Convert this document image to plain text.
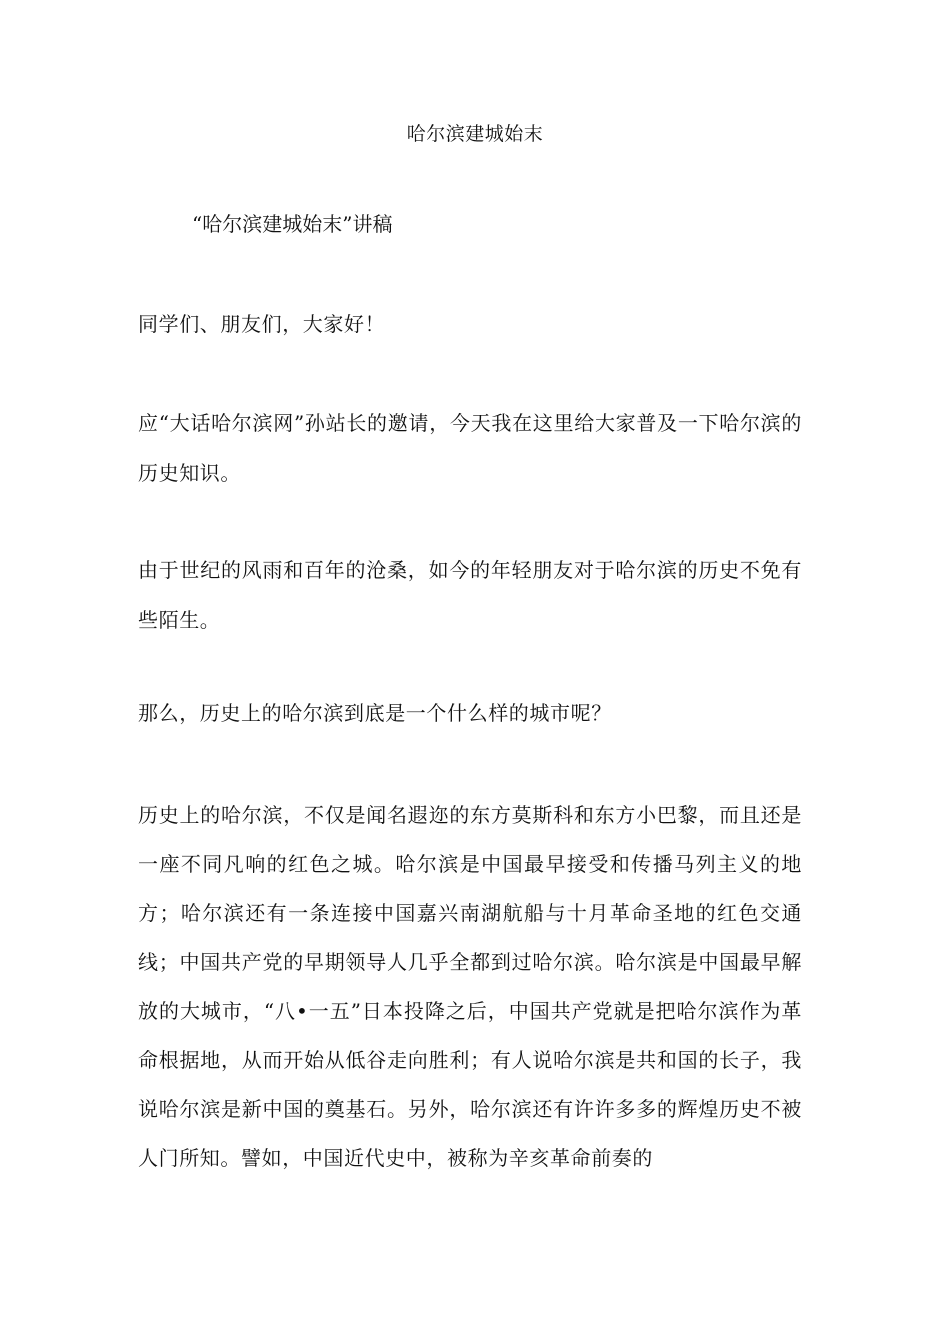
哈尔滨建城始末
“哈尔滨建城始末”讲稿

同学们、朋友们，大家好！

应“大话哈尔滨网”孙站长的邀请，今天我在这里给大家普及一下哈尔滨的历史知识。

由于世纪的风雨和百年的沧桑，如今的年轻朋友对于哈尔滨的历史不免有些陌生。

那么，历史上的哈尔滨到底是一个什么样的城市呢？

历史上的哈尔滨，不仅是闻名遐迩的东方莫斯科和东方小巴黎，而且还是一座不同凡响的红色之城。哈尔滨是中国最早接受和传播马列主义的地方；哈尔滨还有一条连接中国嘉兴南湖航船与十月革命圣地的红色交通线；中国共产党的早期领导人几乎全都到过哈尔滨。哈尔滨是中国最早解放的大城市，“八•一五”日本投降之后，中国共产党就是把哈尔滨作为革命根据地，从而开始从低谷走向胜利；有人说哈尔滨是共和国的长子，我说哈尔滨是新中国的奠基石。另外，哈尔滨还有许许多多的辉煌历史不被人门所知。譬如，中国近代史中，被称为辛亥革命前奏的
